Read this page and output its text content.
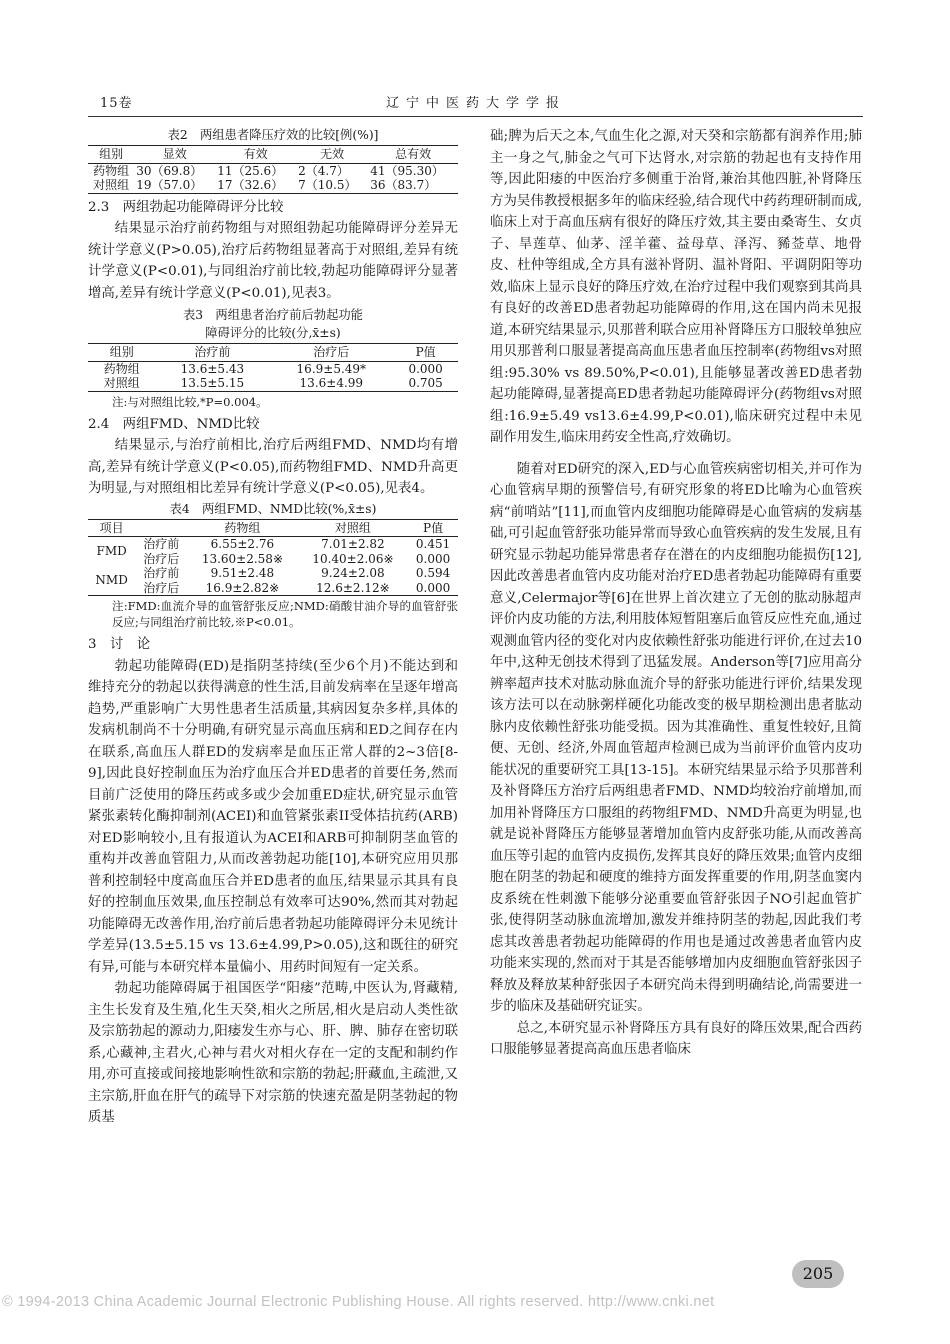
15卷	辽宁中医药大学学报
表2　两组患者降压疗效的比较[例(%)]
组别	显效	有效	无效	总有效
药物组	30（69.8）	11（25.6）	2（4.7）	41（95.30）
对照组	19（57.0）	17（32.6）	7（10.5）	36（83.7）
2.3　两组勃起功能障碍评分比较

结果显示治疗前药物组与对照组勃起功能障碍评分差异无统计学意义(P>0.05),治疗后药物组显著高于对照组,差异有统计学意义(P<0.01),与同组治疗前比较,勃起功能障碍评分显著增高,差异有统计学意义(P<0.01),见表3。

表3　两组患者治疗前后勃起功能
障碍评分的比较(分,x̄±s)
组别	治疗前	治疗后	P值
药物组	13.6±5.43	16.9±5.49*	0.000
对照组	13.5±5.15	13.6±4.99	0.705
注:与对照组比较,*P=0.004。
2.4　两组FMD、NMD比较

结果显示,与治疗前相比,治疗后两组FMD、NMD均有增高,差异有统计学意义(P<0.05),而药物组FMD、NMD升高更为明显,与对照组相比差异有统计学意义(P<0.05),见表4。

表4　两组FMD、NMD比较(%,x̄±s)
项目		药物组	对照组	P值
FMD	治疗前	6.55±2.76	7.01±2.82	0.451
	治疗后	13.60±2.58※	10.40±2.06※	0.000
NMD	治疗前	9.51±2.48	9.24±2.08	0.594
	治疗后	16.9±2.82※	12.6±2.12※	0.000
注:FMD:血流介导的血管舒张反应;NMD:硝酸甘油介导的血管舒张反应;与同组治疗前比较,※P<0.01。
3　讨　论

勃起功能障碍(ED)是指阴茎持续(至少6个月)不能达到和维持充分的勃起以获得满意的性生活,目前发病率在呈逐年增高趋势,严重影响广大男性患者生活质量,其病因复杂多样,具体的发病机制尚不十分明确,有研究显示高血压病和ED之间存在内在联系,高血压人群ED的发病率是血压正常人群的2~3倍[8-9],因此良好控制血压为治疗血压合并ED患者的首要任务,然而目前广泛使用的降压药或多或少会加重ED症状,研究显示血管紧张素转化酶抑制剂(ACEI)和血管紧张素II受体拮抗药(ARB)对ED影响较小,且有报道认为ACEI和ARB可抑制阴茎血管的重构并改善血管阻力,从而改善勃起功能[10],本研究应用贝那普利控制轻中度高血压合并ED患者的血压,结果显示其具有良好的控制血压效果,血压控制总有效率可达90%,然而其对勃起功能障碍无改善作用,治疗前后患者勃起功能障碍评分未见统计学差异(13.5±5.15 vs 13.6±4.99,P>0.05),这和既往的研究有异,可能与本研究样本量偏小、用药时间短有一定关系。

勃起功能障碍属于祖国医学“阳痿”范畴,中医认为,肾藏精,主生长发育及生殖,化生天癸,相火之所居,相火是启动人类性欲及宗筋勃起的源动力,阳痿发生亦与心、肝、脾、肺存在密切联系,心藏神,主君火,心神与君火对相火存在一定的支配和制约作用,亦可直接或间接地影响性欲和宗筋的勃起;肝藏血,主疏泄,又主宗筋,肝血在肝气的疏导下对宗筋的快速充盈是阴茎勃起的物质基

础;脾为后天之本,气血生化之源,对天癸和宗筋都有润养作用;肺主一身之气,肺金之气可下达肾水,对宗筋的勃起也有支持作用等,因此阳痿的中医治疗多侧重于治肾,兼治其他四脏,补肾降压方为吴伟教授根据多年的临床经验,结合现代中药药理研制而成,临床上对于高血压病有很好的降压疗效,其主要由桑寄生、女贞子、旱莲草、仙茅、淫羊藿、益母草、泽泻、豨莶草、地骨皮、杜仲等组成,全方具有滋补肾阴、温补肾阳、平调阴阳等功效,临床上显示良好的降压疗效,在治疗过程中我们观察到其尚具有良好的改善ED患者勃起功能障碍的作用,这在国内尚未见报道,本研究结果显示,贝那普利联合应用补肾降压方口服较单独应用贝那普利口服显著提高高血压患者血压控制率(药物组vs对照组:95.30% vs 89.50%,P<0.01),且能够显著改善ED患者勃起功能障碍,显著提高ED患者勃起功能障碍评分(药物组vs对照组:16.9±5.49 vs13.6±4.99,P<0.01),临床研究过程中未见副作用发生,临床用药安全性高,疗效确切。

随着对ED研究的深入,ED与心血管疾病密切相关,并可作为心血管病早期的预警信号,有研究形象的将ED比喻为心血管疾病“前哨站”[11],而血管内皮细胞功能障碍是心血管病的发病基础,可引起血管舒张功能异常而导致心血管疾病的发生发展,且有研究显示勃起功能异常患者存在潜在的内皮细胞功能损伤[12],因此改善患者血管内皮功能对治疗ED患者勃起功能障碍有重要意义,Celermajor等[6]在世界上首次建立了无创的肱动脉超声评价内皮功能的方法,利用肢体短暂阻塞后血管反应性充血,通过观测血管内径的变化对内皮依赖性舒张功能进行评价,在过去10年中,这种无创技术得到了迅猛发展。Anderson等[7]应用高分辨率超声技术对肱动脉血流介导的舒张功能进行评价,结果发现该方法可以在动脉粥样硬化功能改变的极早期检测出患者肱动脉内皮依赖性舒张功能受损。因为其准确性、重复性较好,且简便、无创、经济,外周血管超声检测已成为当前评价血管内皮功能状况的重要研究工具[13-15]。本研究结果显示给予贝那普利及补肾降压方治疗后两组患者FMD、NMD均较治疗前增加,而加用补肾降压方口服组的药物组FMD、NMD升高更为明显,也就是说补肾降压方能够显著增加血管内皮舒张功能,从而改善高血压等引起的血管内皮损伤,发挥其良好的降压效果;血管内皮细胞在阴茎的勃起和硬度的维持方面发挥重要的作用,阴茎血窦内皮系统在性刺激下能够分泌重要血管舒张因子NO引起血管扩张,使得阴茎动脉血流增加,激发并维持阴茎的勃起,因此我们考虑其改善患者勃起功能障碍的作用也是通过改善患者血管内皮功能来实现的,然而对于其是否能够增加内皮细胞血管舒张因子释放及释放某种舒张因子本研究尚未得到明确结论,尚需要进一步的临床及基础研究证实。

总之,本研究显示补肾降压方具有良好的降压效果,配合西药口服能够显著提高高血压患者临床

205
© 1994-2013 China Academic Journal Electronic Publishing House. All rights reserved. http://www.cnki.net
